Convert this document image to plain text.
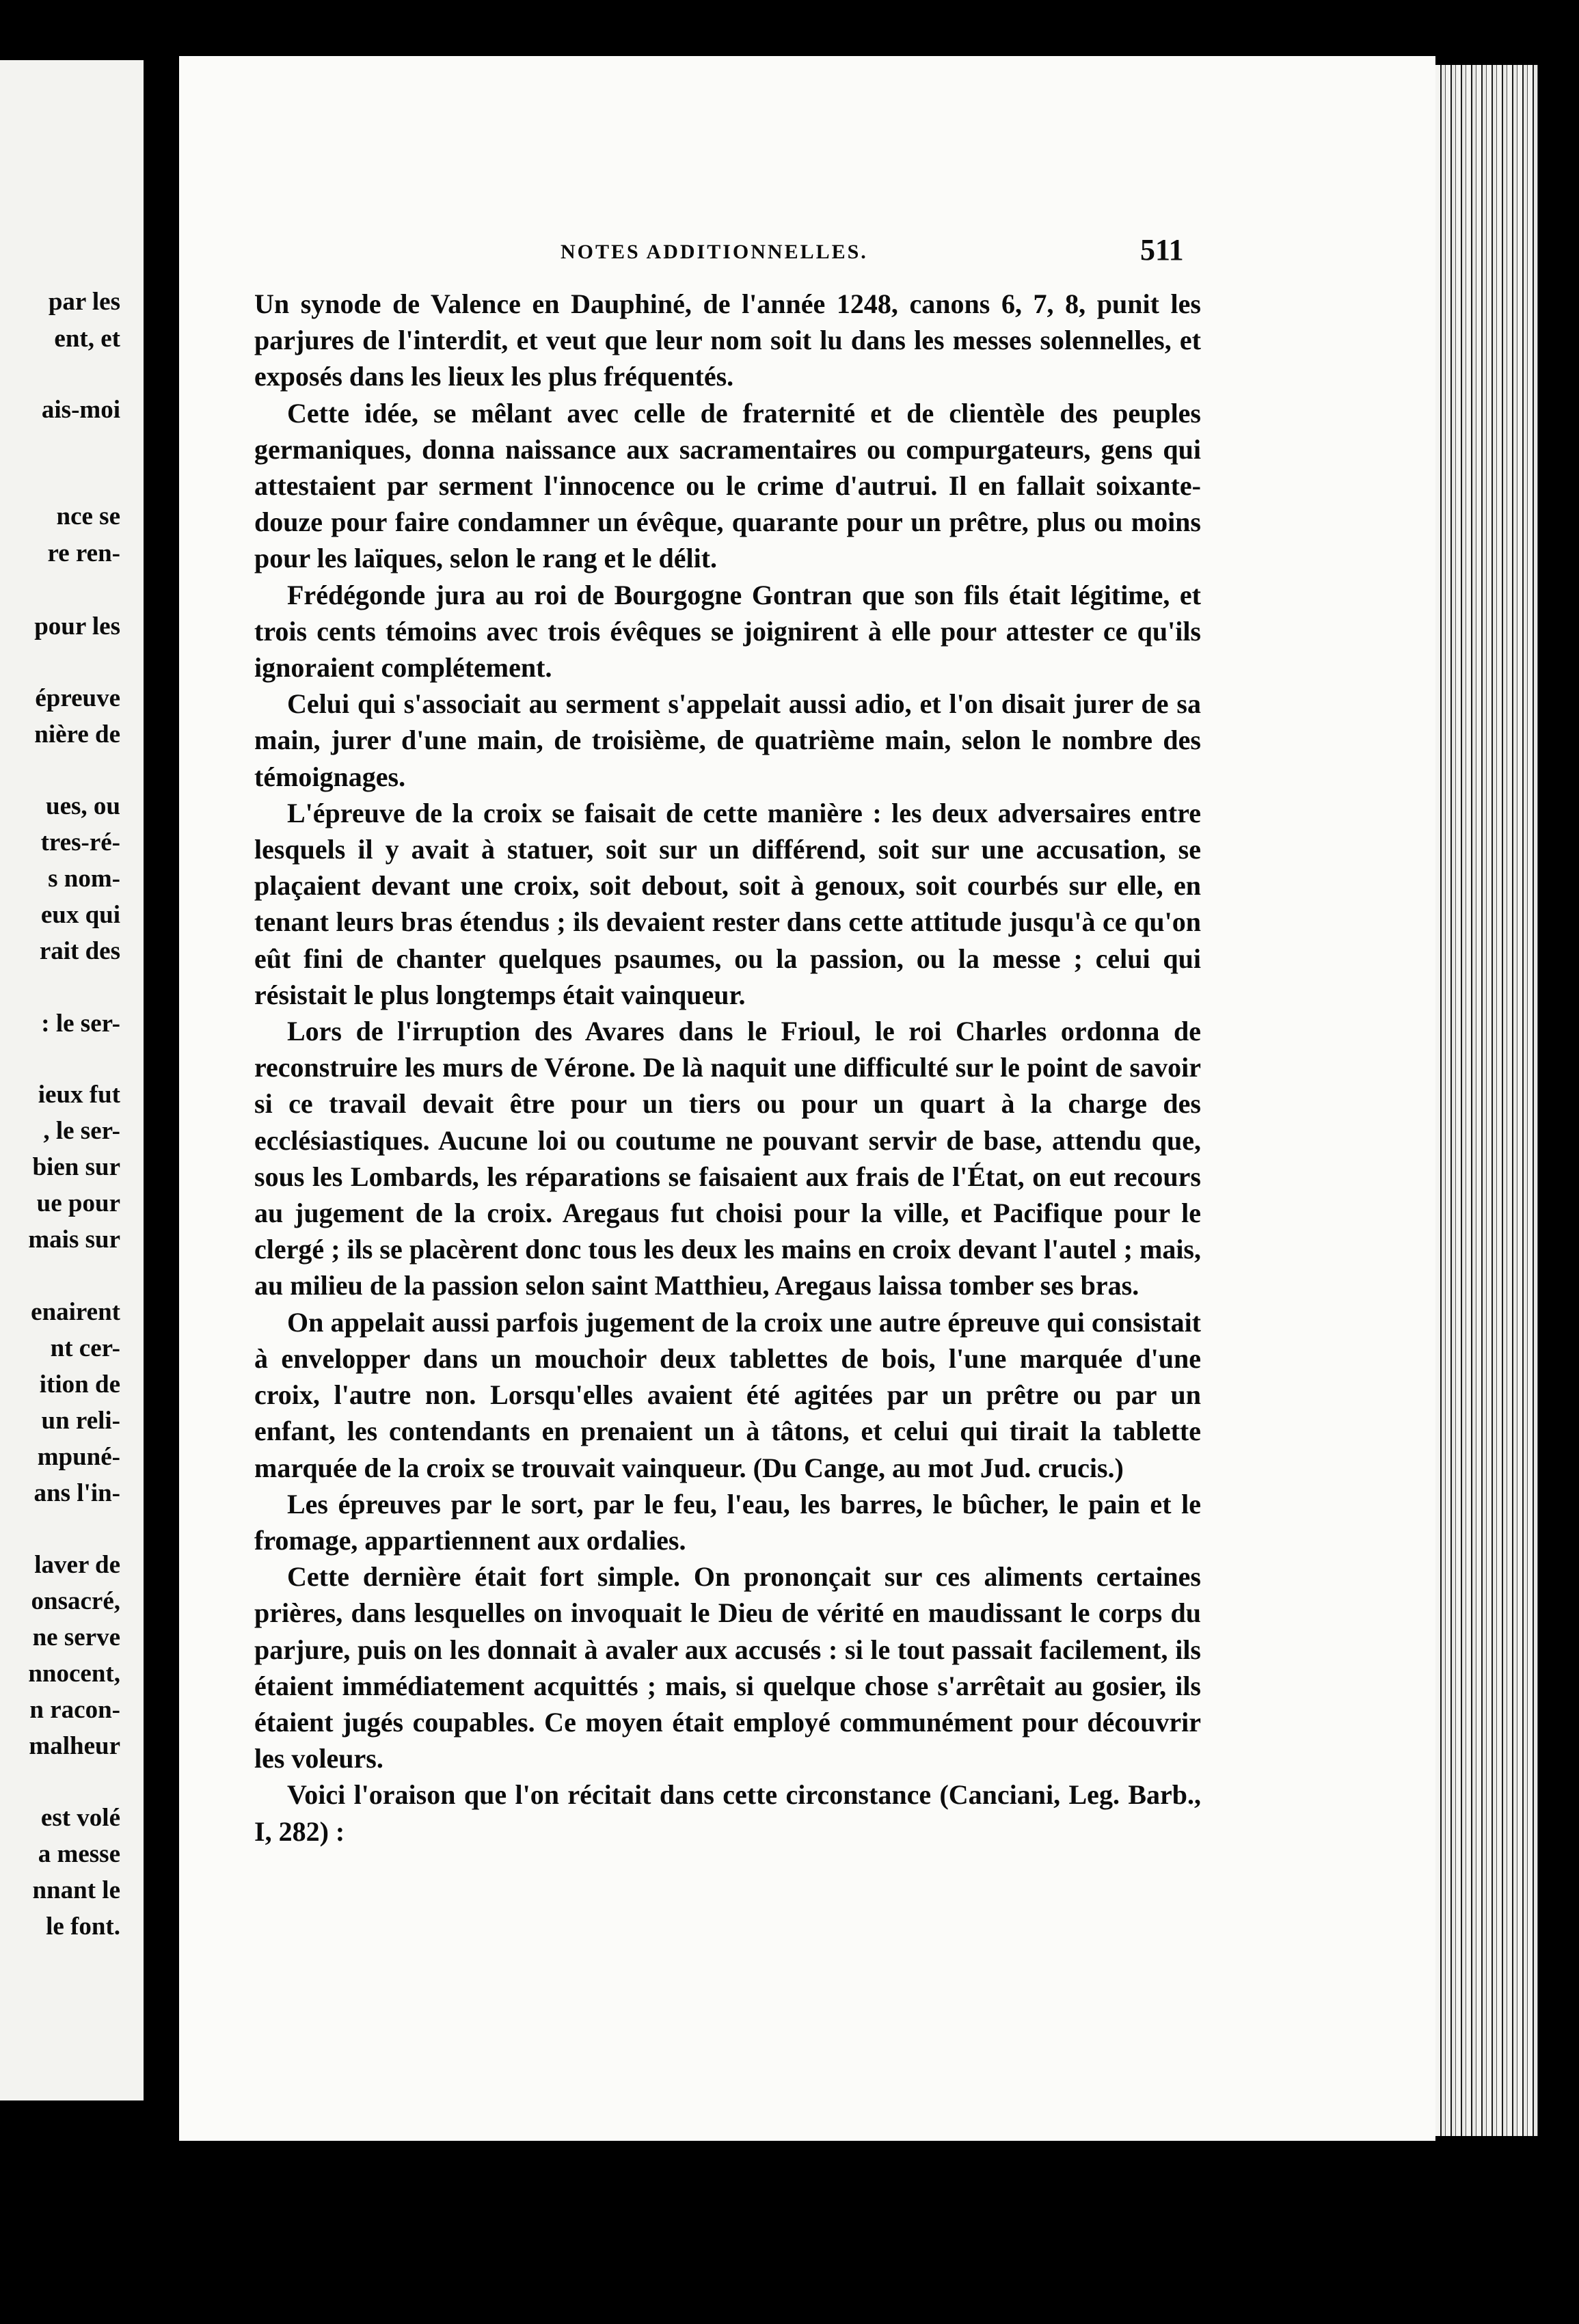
par les
ent, et
ais-moi
nce se
re ren-
pour les
épreuve
nière de
ues, ou
tres-ré-
s nom-
eux qui
rait des
: le ser-
ieux fut
, le ser-
bien sur
ue pour
mais sur
enairent
nt cer-
ition de
un reli-
mpuné-
ans l'in-
laver de
onsacré,
ne serve
nnocent,
n racon-
malheur
est volé
a messe
nnant le
le font.
NOTES ADDITIONNELLES.	511

Un synode de Valence en Dauphiné, de l'année 1248, canons 6, 7, 8, punit les parjures de l'interdit, et veut que leur nom soit lu dans les messes solennelles, et exposés dans les lieux les plus fréquentés.

Cette idée, se mêlant avec celle de fraternité et de clientèle des peuples germaniques, donna naissance aux sacramentaires ou compurgateurs, gens qui attestaient par serment l'innocence ou le crime d'autrui. Il en fallait soixante-douze pour faire condamner un évêque, quarante pour un prêtre, plus ou moins pour les laïques, selon le rang et le délit.

Frédégonde jura au roi de Bourgogne Gontran que son fils était légitime, et trois cents témoins avec trois évêques se joignirent à elle pour attester ce qu'ils ignoraient complétement.

Celui qui s'associait au serment s'appelait aussi adio, et l'on disait jurer de sa main, jurer d'une main, de troisième, de quatrième main, selon le nombre des témoignages.

L'épreuve de la croix se faisait de cette manière : les deux adversaires entre lesquels il y avait à statuer, soit sur un différend, soit sur une accusation, se plaçaient devant une croix, soit debout, soit à genoux, soit courbés sur elle, en tenant leurs bras étendus ; ils devaient rester dans cette attitude jusqu'à ce qu'on eût fini de chanter quelques psaumes, ou la passion, ou la messe ; celui qui résistait le plus longtemps était vainqueur.

Lors de l'irruption des Avares dans le Frioul, le roi Charles ordonna de reconstruire les murs de Vérone. De là naquit une difficulté sur le point de savoir si ce travail devait être pour un tiers ou pour un quart à la charge des ecclésiastiques. Aucune loi ou coutume ne pouvant servir de base, attendu que, sous les Lombards, les réparations se faisaient aux frais de l'État, on eut recours au jugement de la croix. Aregaus fut choisi pour la ville, et Pacifique pour le clergé ; ils se placèrent donc tous les deux les mains en croix devant l'autel ; mais, au milieu de la passion selon saint Matthieu, Aregaus laissa tomber ses bras.

On appelait aussi parfois jugement de la croix une autre épreuve qui consistait à envelopper dans un mouchoir deux tablettes de bois, l'une marquée d'une croix, l'autre non. Lorsqu'elles avaient été agitées par un prêtre ou par un enfant, les contendants en prenaient un à tâtons, et celui qui tirait la tablette marquée de la croix se trouvait vainqueur. (Du Cange, au mot Jud. crucis.)

Les épreuves par le sort, par le feu, l'eau, les barres, le bûcher, le pain et le fromage, appartiennent aux ordalies.

Cette dernière était fort simple. On prononçait sur ces aliments certaines prières, dans lesquelles on invoquait le Dieu de vérité en maudissant le corps du parjure, puis on les donnait à avaler aux accusés : si le tout passait facilement, ils étaient immédiatement acquittés ; mais, si quelque chose s'arrêtait au gosier, ils étaient jugés coupables. Ce moyen était employé communément pour découvrir les voleurs.

Voici l'oraison que l'on récitait dans cette circonstance (Canciani, Leg. Barb., I, 282) :
